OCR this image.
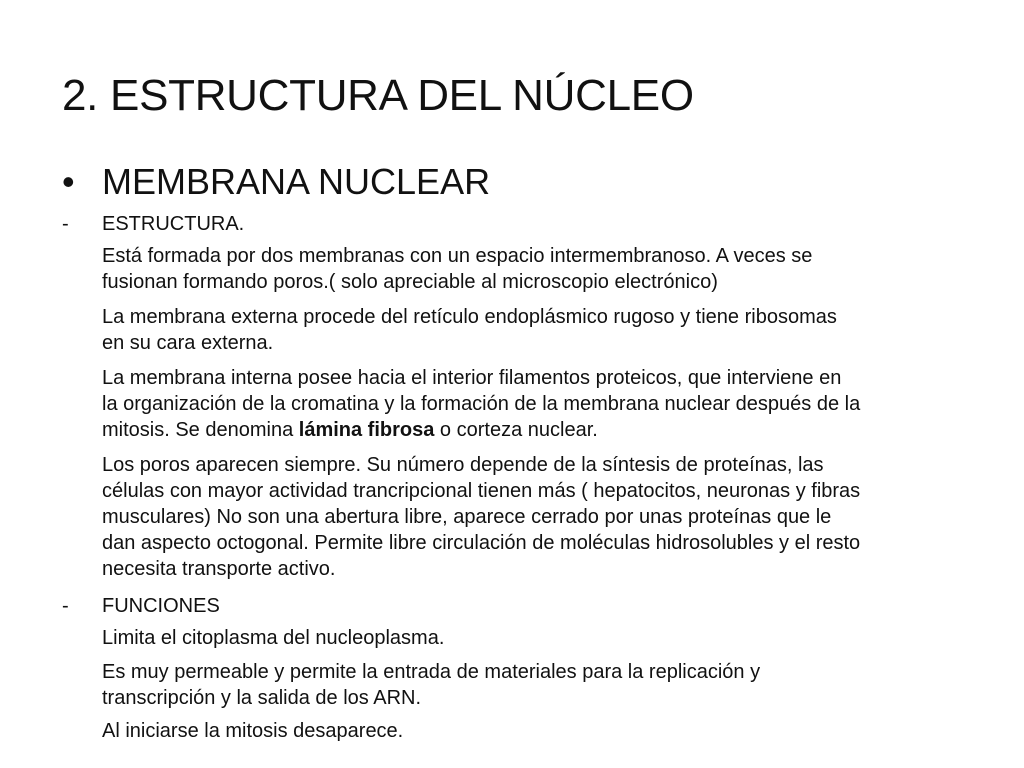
2. ESTRUCTURA DEL NÚCLEO
• MEMBRANA NUCLEAR
-	ESTRUCTURA.

Está formada por dos membranas con un espacio intermembranoso. A veces se
fusionan formando poros.( solo apreciable al microscopio electrónico)

La membrana externa procede del retículo endoplásmico rugoso y tiene ribosomas
en su cara externa.

La membrana interna posee hacia el interior filamentos proteicos, que interviene en
la organización de la cromatina y la formación de la membrana nuclear después de la
mitosis. Se denomina lámina fibrosa o corteza nuclear.

Los poros aparecen siempre. Su número depende de la síntesis de proteínas, las
células con mayor actividad trancripcional tienen más ( hepatocitos, neuronas y fibras
musculares) No son una abertura libre, aparece cerrado por unas proteínas que le
dan aspecto octogonal. Permite libre circulación de moléculas hidrosolubles y el resto
necesita transporte activo.

-	FUNCIONES

Limita el citoplasma del nucleoplasma.

Es muy permeable y permite la entrada de materiales para la replicación y
transcripción y la salida de los ARN.

Al iniciarse la mitosis desaparece.
